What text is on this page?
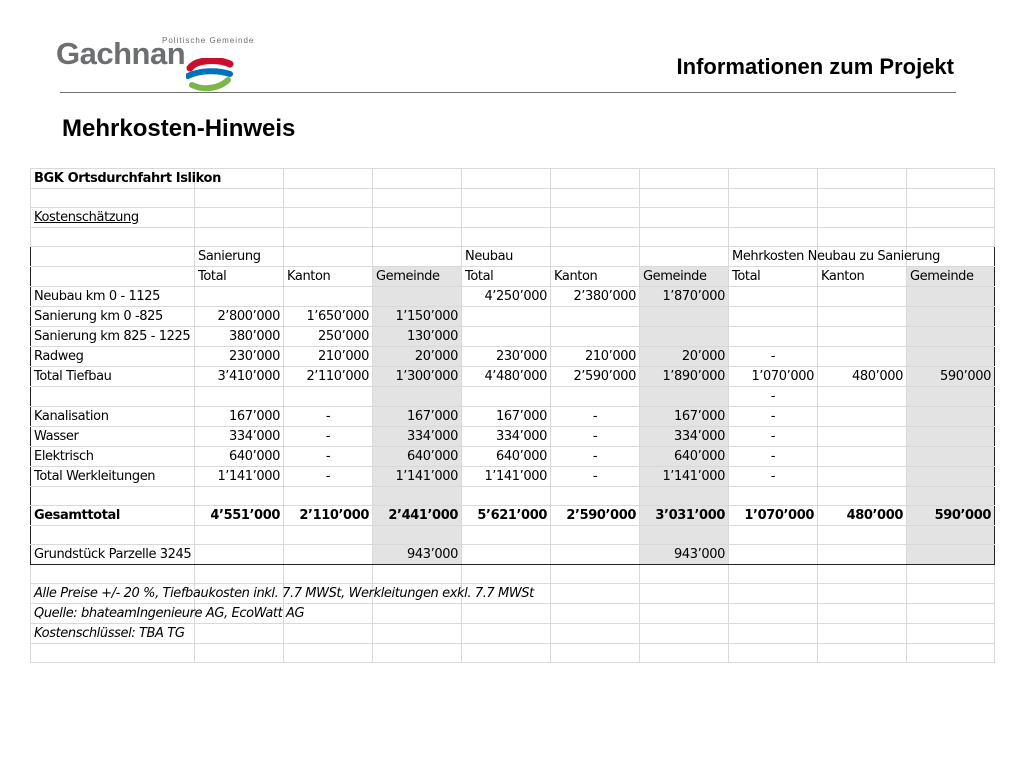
Politische Gemeinde
Gachnan	Informationen zum Projekt
Mehrkosten-Hinweis
BGK Ortsdurchfahrt Islikon									

Kostenschätzung									

	Sanierung			Neubau			Mehrkosten Neubau zu Sanierung		
	Total	Kanton	Gemeinde	Total	Kanton	Gemeinde	Total	Kanton	Gemeinde
Neubau km 0 - 1125				4’250’000	2’380’000	1’870’000			
Sanierung km 0 -825	2’800’000	1’650’000	1’150’000						
Sanierung km 825 - 1225	380’000	250’000	130’000						
Radweg	230’000	210’000	20’000	230’000	210’000	20’000	-		
Total Tiefbau	3’410’000	2’110’000	1’300’000	4’480’000	2’590’000	1’890’000	1’070’000	480’000	590’000
							-		
Kanalisation	167’000	-	167’000	167’000	-	167’000	-		
Wasser	334’000	-	334’000	334’000	-	334’000	-		
Elektrisch	640’000	-	640’000	640’000	-	640’000	-		
Total Werkleitungen	1’141’000	-	1’141’000	1’141’000	-	1’141’000	-		

Gesamttotal	4’551’000	2’110’000	2’441’000	5’621’000	2’590’000	3’031’000	1’070’000	480’000	590’000

Grundstück Parzelle 3245			943’000			943’000			

Alle Preise +/- 20 %, Tiefbaukosten inkl. 7.7 MWSt, Werkleitungen exkl. 7.7 MWSt									
Quelle: bhateamIngenieure AG, EcoWatt AG									
Kostenschlüssel: TBA TG									
